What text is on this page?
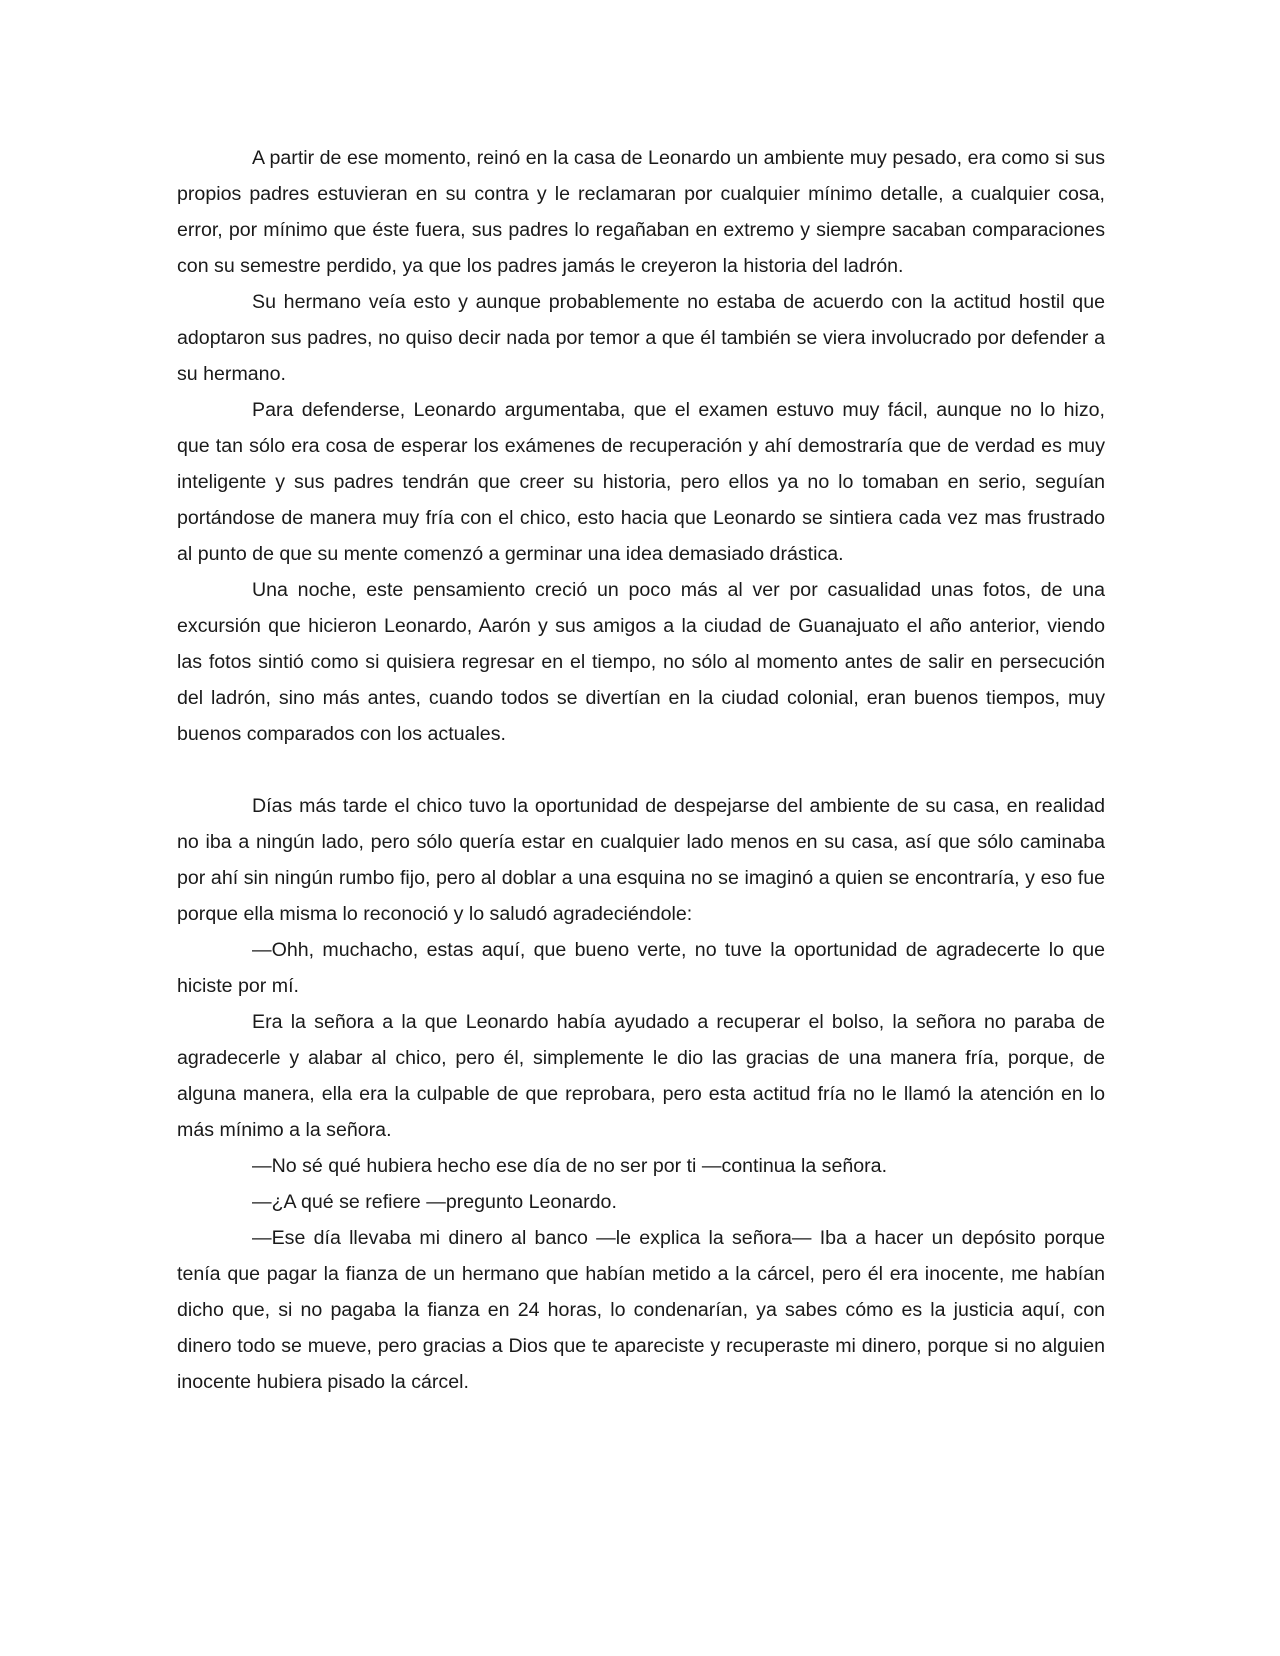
A partir de ese momento, reinó en la casa de Leonardo un ambiente muy pesado, era como si sus propios padres estuvieran en su contra y le reclamaran por cualquier mínimo detalle, a cualquier cosa, error, por mínimo que éste fuera, sus padres lo regañaban en extremo y siempre sacaban comparaciones con su semestre perdido, ya que los padres jamás le creyeron la historia del ladrón.

Su hermano veía esto y aunque probablemente no estaba de acuerdo con la actitud hostil que adoptaron sus padres, no quiso decir nada por temor a que él también se viera involucrado por defender a su hermano.

Para defenderse, Leonardo argumentaba, que el examen estuvo muy fácil, aunque no lo hizo, que tan sólo era cosa de esperar los exámenes de recuperación y ahí demostraría que de verdad es muy inteligente y sus padres tendrán que creer su historia, pero ellos ya no lo tomaban en serio, seguían portándose de manera muy fría con el chico, esto hacia que Leonardo se sintiera cada vez mas frustrado al punto de que su mente comenzó a germinar una idea demasiado drástica.

Una noche, este pensamiento creció un poco más al ver por casualidad unas fotos, de una excursión que hicieron Leonardo, Aarón y sus amigos a la ciudad de Guanajuato el año anterior, viendo las fotos sintió como si quisiera regresar en el tiempo, no sólo al momento antes de salir en persecución del ladrón, sino más antes, cuando todos se divertían en la ciudad colonial, eran buenos tiempos, muy buenos comparados con los actuales.

Días más tarde el chico tuvo la oportunidad de despejarse del ambiente de su casa, en realidad no iba a ningún lado, pero sólo quería estar en cualquier lado menos en su casa, así que sólo caminaba por ahí sin ningún rumbo fijo, pero al doblar a una esquina no se imaginó a quien se encontraría, y eso fue porque ella misma lo reconoció y lo saludó agradeciéndole:

—Ohh, muchacho, estas aquí, que bueno verte, no tuve la oportunidad de agradecerte lo que hiciste por mí.

Era la señora a la que Leonardo había ayudado a recuperar el bolso, la señora no paraba de agradecerle y alabar al chico, pero él, simplemente le dio las gracias de una manera fría, porque, de alguna manera, ella era la culpable de que reprobara, pero esta actitud fría no le llamó la atención en lo más mínimo a la señora.

—No sé qué hubiera hecho ese día de no ser por ti —continua la señora.

—¿A qué se refiere —pregunto Leonardo.

—Ese día llevaba mi dinero al banco —le explica la señora— Iba a hacer un depósito porque tenía que pagar la fianza de un hermano que habían metido a la cárcel, pero él era inocente, me habían dicho que, si no pagaba la fianza en 24 horas, lo condenarían, ya sabes cómo es la justicia aquí, con dinero todo se mueve, pero gracias a Dios que te apareciste y recuperaste mi dinero, porque si no alguien inocente hubiera pisado la cárcel.
